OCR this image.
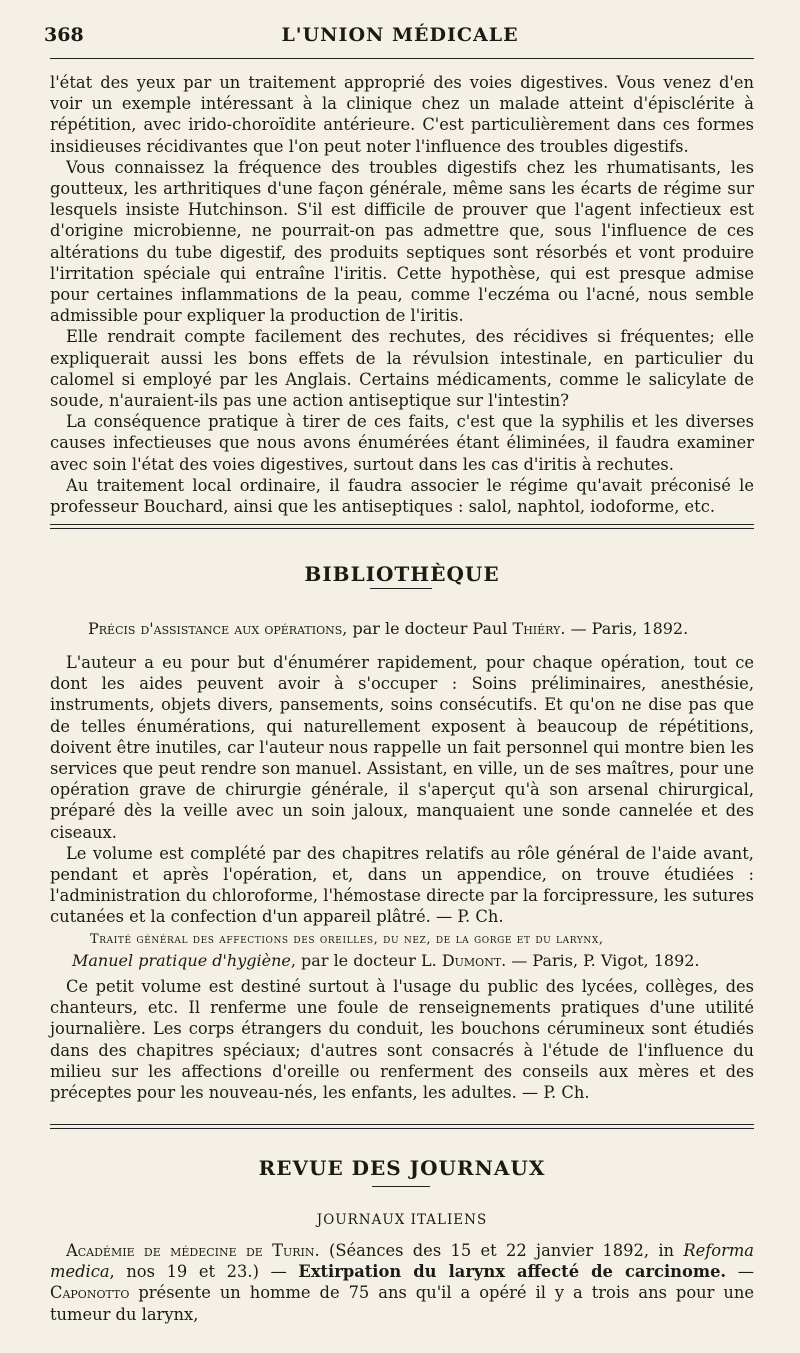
368	L'UNION MÉDICALE

l'état des yeux par un traitement approprié des voies digestives. Vous venez d'en voir un exemple intéressant à la clinique chez un malade atteint d'épisclérite à répétition, avec irido-choroïdite antérieure. C'est particulièrement dans ces formes insidieuses récidivantes que l'on peut noter l'influence des troubles digestifs.

Vous connaissez la fréquence des troubles digestifs chez les rhumatisants, les goutteux, les arthritiques d'une façon générale, même sans les écarts de régime sur lesquels insiste Hutchinson. S'il est difficile de prouver que l'agent infectieux est d'origine microbienne, ne pourrait-on pas admettre que, sous l'influence de ces altérations du tube digestif, des produits septiques sont résorbés et vont produire l'irritation spéciale qui entraîne l'iritis. Cette hypothèse, qui est presque admise pour certaines inflammations de la peau, comme l'eczéma ou l'acné, nous semble admissible pour expliquer la production de l'iritis.

Elle rendrait compte facilement des rechutes, des récidives si fréquentes; elle expliquerait aussi les bons effets de la révulsion intestinale, en particulier du calomel si employé par les Anglais. Certains médicaments, comme le salicylate de soude, n'auraient-ils pas une action antiseptique sur l'intestin?

La conséquence pratique à tirer de ces faits, c'est que la syphilis et les diverses causes infectieuses que nous avons énumérées étant éliminées, il faudra examiner avec soin l'état des voies digestives, surtout dans les cas d'iritis à rechutes.

Au traitement local ordinaire, il faudra associer le régime qu'avait préconisé le professeur Bouchard, ainsi que les antiseptiques : salol, naphtol, iodoforme, etc.

BIBLIOTHÈQUE
Précis d'assistance aux opérations, par le docteur Paul Thiéry. — Paris, 1892.

L'auteur a eu pour but d'énumérer rapidement, pour chaque opération, tout ce dont les aides peuvent avoir à s'occuper : Soins préliminaires, anesthésie, instruments, objets divers, pansements, soins consécutifs. Et qu'on ne dise pas que de telles énumérations, qui naturellement exposent à beaucoup de répétitions, doivent être inutiles, car l'auteur nous rappelle un fait personnel qui montre bien les services que peut rendre son manuel. Assistant, en ville, un de ses maîtres, pour une opération grave de chirurgie générale, il s'aperçut qu'à son arsenal chirurgical, préparé dès la veille avec un soin jaloux, manquaient une sonde cannelée et des ciseaux.

Le volume est complété par des chapitres relatifs au rôle général de l'aide avant, pendant et après l'opération, et, dans un appendice, on trouve étudiées : l'administration du chloroforme, l'hémostase directe par la forcipressure, les sutures cutanées et la confection d'un appareil plâtré. — P. Ch.

Traité général des affections des oreilles, du nez, de la gorge et du larynx,
Manuel pratique d'hygiène, par le docteur L. Dumont. — Paris, P. Vigot, 1892.

Ce petit volume est destiné surtout à l'usage du public des lycées, collèges, des chanteurs, etc. Il renferme une foule de renseignements pratiques d'une utilité journalière. Les corps étrangers du conduit, les bouchons cérumineux sont étudiés dans des chapitres spéciaux; d'autres sont consacrés à l'étude de l'influence du milieu sur les affections d'oreille ou renferment des conseils aux mères et des préceptes pour les nouveau-nés, les enfants, les adultes. — P. Ch.

REVUE DES JOURNAUX
JOURNAUX ITALIENS

Académie de médecine de Turin. (Séances des 15 et 22 janvier 1892, in Reforma medica, nos 19 et 23.) — Extirpation du larynx affecté de carcinome. — Caponotto présente un homme de 75 ans qu'il a opéré il y a trois ans pour une tumeur du larynx,
